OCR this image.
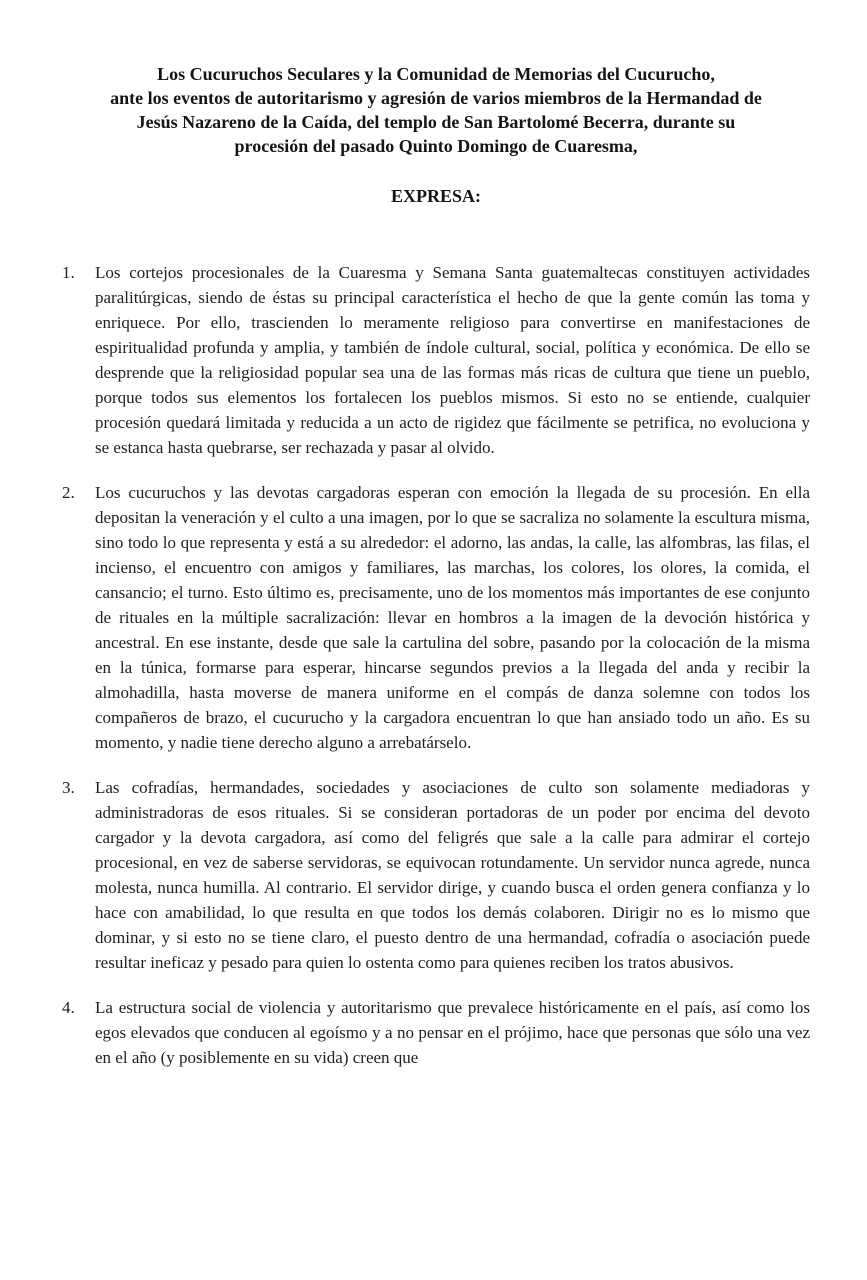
Los Cucuruchos Seculares y la Comunidad de Memorias del Cucurucho,
ante los eventos de autoritarismo y agresión de varios miembros de la Hermandad de
Jesús Nazareno de la Caída, del templo de San Bartolomé Becerra, durante su
procesión del pasado Quinto Domingo de Cuaresma,
EXPRESA:
1.	Los cortejos procesionales de la Cuaresma y Semana Santa guatemaltecas constituyen actividades paralitúrgicas, siendo de éstas su principal característica el hecho de que la gente común las toma y enriquece. Por ello, trascienden lo meramente religioso para convertirse en manifestaciones de espiritualidad profunda y amplia, y también de índole cultural, social, política y económica. De ello se desprende que la religiosidad popular sea una de las formas más ricas de cultura que tiene un pueblo, porque todos sus elementos los fortalecen los pueblos mismos. Si esto no se entiende, cualquier procesión quedará limitada y reducida a un acto de rigidez que fácilmente se petrifica, no evoluciona y se estanca hasta quebrarse, ser rechazada y pasar al olvido.

2.	Los cucuruchos y las devotas cargadoras esperan con emoción la llegada de su procesión. En ella depositan la veneración y el culto a una imagen, por lo que se sacraliza no solamente la escultura misma, sino todo lo que representa y está a su alrededor: el adorno, las andas, la calle, las alfombras, las filas, el incienso, el encuentro con amigos y familiares, las marchas, los colores, los olores, la comida, el cansancio; el turno. Esto último es, precisamente, uno de los momentos más importantes de ese conjunto de rituales en la múltiple sacralización: llevar en hombros a la imagen de la devoción histórica y ancestral. En ese instante, desde que sale la cartulina del sobre, pasando por la colocación de la misma en la túnica, formarse para esperar, hincarse segundos previos a la llegada del anda y recibir la almohadilla, hasta moverse de manera uniforme en el compás de danza solemne con todos los compañeros de brazo, el cucurucho y la cargadora encuentran lo que han ansiado todo un año. Es su momento, y nadie tiene derecho alguno a arrebatárselo.

3.	Las cofradías, hermandades, sociedades y asociaciones de culto son solamente mediadoras y administradoras de esos rituales. Si se consideran portadoras de un poder por encima del devoto cargador y la devota cargadora, así como del feligrés que sale a la calle para admirar el cortejo procesional, en vez de saberse servidoras, se equivocan rotundamente. Un servidor nunca agrede, nunca molesta, nunca humilla. Al contrario. El servidor dirige, y cuando busca el orden genera confianza y lo hace con amabilidad, lo que resulta en que todos los demás colaboren. Dirigir no es lo mismo que dominar, y si esto no se tiene claro, el puesto dentro de una hermandad, cofradía o asociación puede resultar ineficaz y pesado para quien lo ostenta como para quienes reciben los tratos abusivos.

4.	La estructura social de violencia y autoritarismo que prevalece históricamente en el país, así como los egos elevados que conducen al egoísmo y a no pensar en el prójimo, hace que personas que sólo una vez en el año (y posiblemente en su vida) creen que
